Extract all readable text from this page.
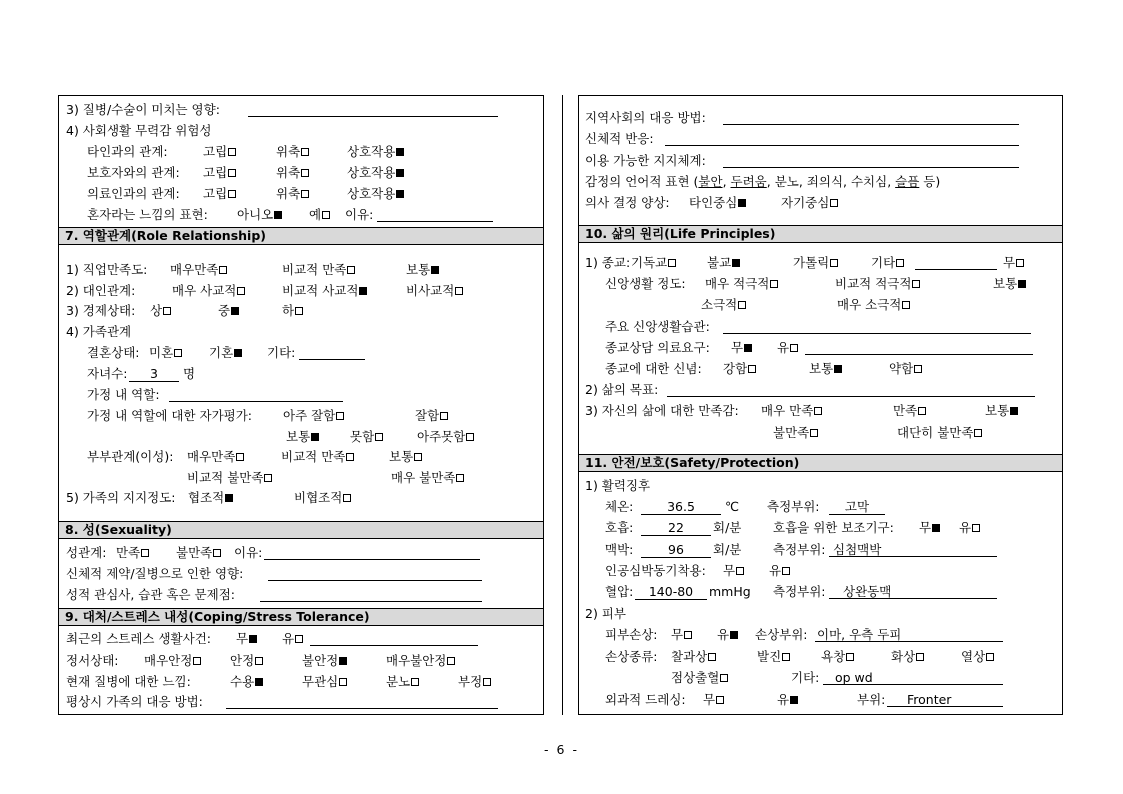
3) 질병/수술이 미치는 영향:
4) 사회생활 무력감 위험성
타인과의 관계:	고립	위축	상호작용
보호자와의 관계: 고립	위축	상호작용
의료인과의 관계: 고립	위축	상호작용
혼자라는 느낌의 표현: 아니오	예	이유:
7. 역할관계(Role Relationship)
1) 직업만족도: 매우만족	비교적 만족	보통
2) 대인관계:	매우 사교적	비교적 사교적	비사교적
3) 경제상태: 상	중	하
4) 가족관계
결혼상태: 미혼	기혼	기타:
자녀수:	3	명
가정 내 역할:
가정 내 역할에 대한 자가평가: 아주 잘함	잘함
보통	못함	아주못함
부부관계(이성): 매우만족	비교적 만족	보통
비교적 불만족	매우 불만족
5) 가족의 지지정도: 협조적	비협조적
8. 성(Sexuality)
성관계: 만족	불만족	이유:
신체적 제약/질병으로 인한 영향:
성적 관심사, 습관 혹은 문제점:
9. 대처/스트레스 내성(Coping/Stress Tolerance)
최근의 스트레스 생활사건: 무	유
정서상태: 매우안정	안정	불안정	매우불안정
현재 질병에 대한 느낌:	수용	무관심	분노	부정
평상시 가족의 대응 방법:
지역사회의 대응 방법:
신체적 반응:
이용 가능한 지지체계:
감정의 언어적 표현 (불안, 두려움, 분노, 죄의식, 수치심, 슬픔 등)
의사 결정 양상: 타인중심	자기중심
10. 삶의 원리(Life Principles)
1) 종교: 기독교	불교	가톨릭	기타	무
신앙생활 정도: 매우 적극적	비교적 적극적	보통
소극적	매우 소극적
주요 신앙생활습관:
종교상담 의료요구: 무	유
종교에 대한 신념: 강함	보통	약함
2) 삶의 목표:
3) 자신의 삶에 대한 만족감: 매우 만족	만족	보통
불만족	대단히 불만족
11. 안전/보호(Safety/Protection)
1) 활력징후
체온:	36.5	℃ 측정부위:	고막
호흡:	22	회/분	호흡을 위한 보조기구: 무	유
맥박:	96	회/분	측정부위: 심첨맥박
인공심박동기착용: 무	유
혈압:	140-80	mmHg 측정부위:	상완동맥
2) 피부
피부손상: 무	유	손상부위: 이마, 우측 두피
손상종류: 찰과상	발진	욕창	화상	열상
점상출혈	기타:	op wd
외과적 드레싱: 무	유	부위:	Fronter
- 6 -
